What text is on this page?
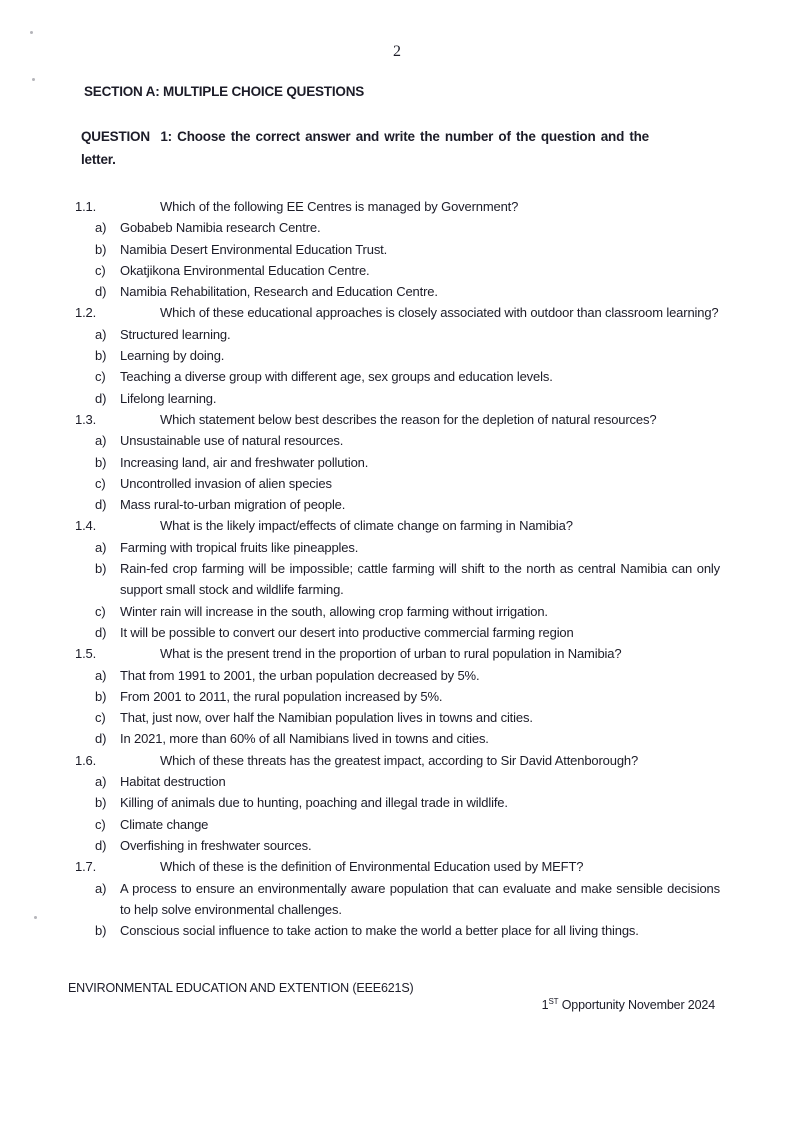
2
SECTION A: MULTIPLE CHOICE QUESTIONS
QUESTION  1: Choose the correct answer and write the number of the question and the letter.
1.1.	Which of the following EE Centres is managed by Government?
a)	Gobabeb Namibia research Centre.
b)	Namibia Desert Environmental Education Trust.
c)	Okatjikona Environmental Education Centre.
d)	Namibia Rehabilitation, Research and Education Centre.
1.2.	Which of these educational approaches is closely associated with outdoor than classroom learning?
a)	Structured learning.
b)	Learning by doing.
c)	Teaching a diverse group with different age, sex groups and education levels.
d)	Lifelong learning.
1.3.	Which statement below best describes the reason for the depletion of natural resources?
a)	Unsustainable use of natural resources.
b)	Increasing land, air and freshwater pollution.
c)	Uncontrolled invasion of alien species
d)	Mass rural-to-urban migration of people.
1.4.	What is the likely impact/effects of climate change on farming in Namibia?
a)	Farming with tropical fruits like pineapples.
b)	Rain-fed crop farming will be impossible; cattle farming will shift to the north as central Namibia can only support small stock and wildlife farming.
c)	Winter rain will increase in the south, allowing crop farming without irrigation.
d)	It will be possible to convert our desert into productive commercial farming region
1.5.	What is the present trend in the proportion of urban to rural population in Namibia?
a)	That from 1991 to 2001, the urban population decreased by 5%.
b)	From 2001 to 2011, the rural population increased by 5%.
c)	That, just now, over half the Namibian population lives in towns and cities.
d)	In 2021, more than 60% of all Namibians lived in towns and cities.
1.6.	Which of these threats has the greatest impact, according to Sir David Attenborough?
a)	Habitat destruction
b)	Killing of animals due to hunting, poaching and illegal trade in wildlife.
c)	Climate change
d)	Overfishing in freshwater sources.
1.7.	Which of these is the definition of Environmental Education used by MEFT?
a)	A process to ensure an environmentally aware population that can evaluate and make sensible decisions to help solve environmental challenges.
b)	Conscious social influence to take action to make the world a better place for all living things.
ENVIRONMENTAL EDUCATION AND EXTENTION (EEE621S)
1ST Opportunity November 2024
